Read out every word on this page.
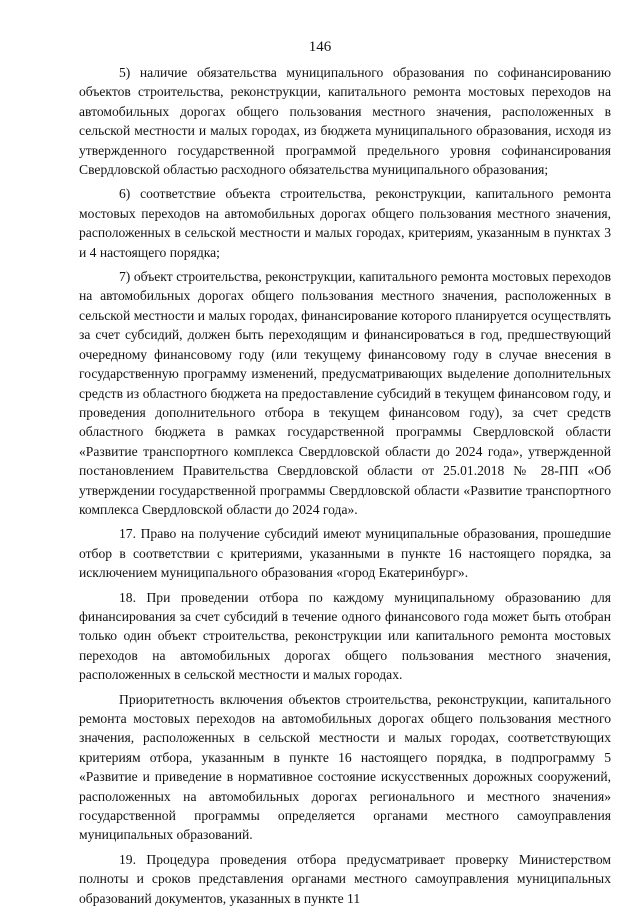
146

5) наличие обязательства муниципального образования по софинансированию объектов строительства, реконструкции, капитального ремонта мостовых переходов на автомобильных дорогах общего пользования местного значения, расположенных в сельской местности и малых городах, из бюджета муниципального образования, исходя из утвержденного государственной программой предельного уровня софинансирования Свердловской областью расходного обязательства муниципального образования;

6) соответствие объекта строительства, реконструкции, капитального ремонта мостовых переходов на автомобильных дорогах общего пользования местного значения, расположенных в сельской местности и малых городах, критериям, указанным в пунктах 3 и 4 настоящего порядка;

7) объект строительства, реконструкции, капитального ремонта мостовых переходов на автомобильных дорогах общего пользования местного значения, расположенных в сельской местности и малых городах, финансирование которого планируется осуществлять за счет субсидий, должен быть переходящим и финансироваться в год, предшествующий очередному финансовому году (или текущему финансовому году в случае внесения в государственную программу изменений, предусматривающих выделение дополнительных средств из областного бюджета на предоставление субсидий в текущем финансовом году, и проведения дополнительного отбора в текущем финансовом году), за счет средств областного бюджета в рамках государственной программы Свердловской области «Развитие транспортного комплекса Свердловской области до 2024 года», утвержденной постановлением Правительства Свердловской области от 25.01.2018 № 28-ПП «Об утверждении государственной программы Свердловской области «Развитие транспортного комплекса Свердловской области до 2024 года».

17. Право на получение субсидий имеют муниципальные образования, прошедшие отбор в соответствии с критериями, указанными в пункте 16 настоящего порядка, за исключением муниципального образования «город Екатеринбург».

18. При проведении отбора по каждому муниципальному образованию для финансирования за счет субсидий в течение одного финансового года может быть отобран только один объект строительства, реконструкции или капитального ремонта мостовых переходов на автомобильных дорогах общего пользования местного значения, расположенных в сельской местности и малых городах.

Приоритетность включения объектов строительства, реконструкции, капитального ремонта мостовых переходов на автомобильных дорогах общего пользования местного значения, расположенных в сельской местности и малых городах, соответствующих критериям отбора, указанным в пункте 16 настоящего порядка, в подпрограмму 5 «Развитие и приведение в нормативное состояние искусственных дорожных сооружений, расположенных на автомобильных дорогах регионального и местного значения» государственной программы определяется органами местного самоуправления муниципальных образований.

19. Процедура проведения отбора предусматривает проверку Министерством полноты и сроков представления органами местного самоуправления муниципальных образований документов, указанных в пункте 11
